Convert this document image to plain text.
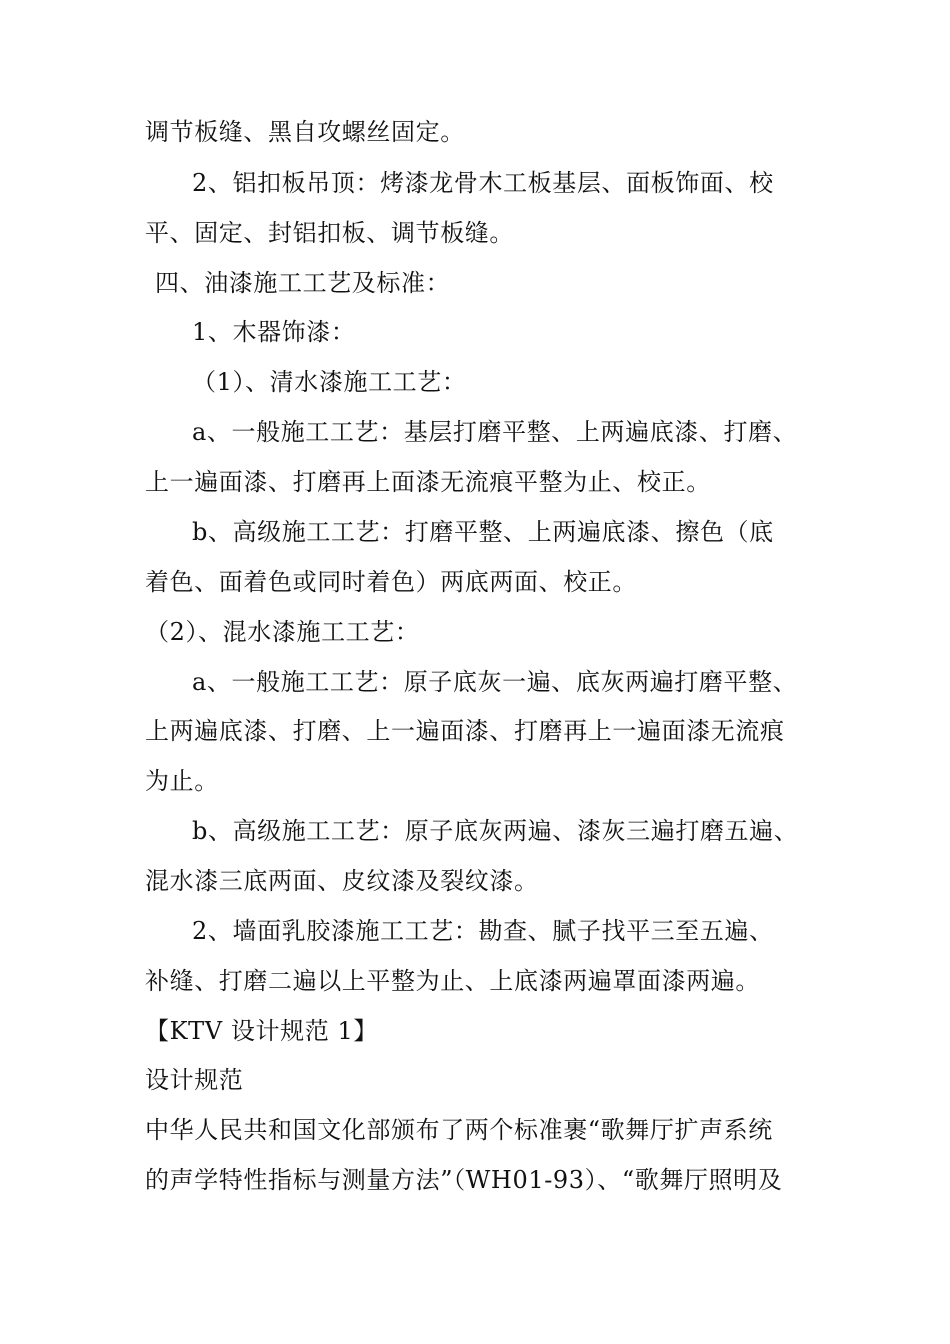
调节板缝、黑自攻螺丝固定。
2、铝扣板吊顶：烤漆龙骨木工板基层、面板饰面、校
平、固定、封铝扣板、调节板缝。
四、油漆施工工艺及标准：
1、木器饰漆：
（1）、清水漆施工工艺：
a、一般施工工艺：基层打磨平整、上两遍底漆、打磨、
上一遍面漆、打磨再上面漆无流痕平整为止、校正。
b、高级施工工艺：打磨平整、上两遍底漆、擦色（底
着色、面着色或同时着色）两底两面、校正。
（2）、混水漆施工工艺：
a、一般施工工艺：原子底灰一遍、底灰两遍打磨平整、
上两遍底漆、打磨、上一遍面漆、打磨再上一遍面漆无流痕
为止。
b、高级施工工艺：原子底灰两遍、漆灰三遍打磨五遍、
混水漆三底两面、皮纹漆及裂纹漆。
2、墙面乳胶漆施工工艺：勘查、腻子找平三至五遍、
补缝、打磨二遍以上平整为止、上底漆两遍罩面漆两遍。
【KTV 设计规范 1】
设计规范
中华人民共和国文化部颁布了两个标准裹“歌舞厅扩声系统
的声学特性指标与测量方法”（WH01-93）、“歌舞厅照明及
